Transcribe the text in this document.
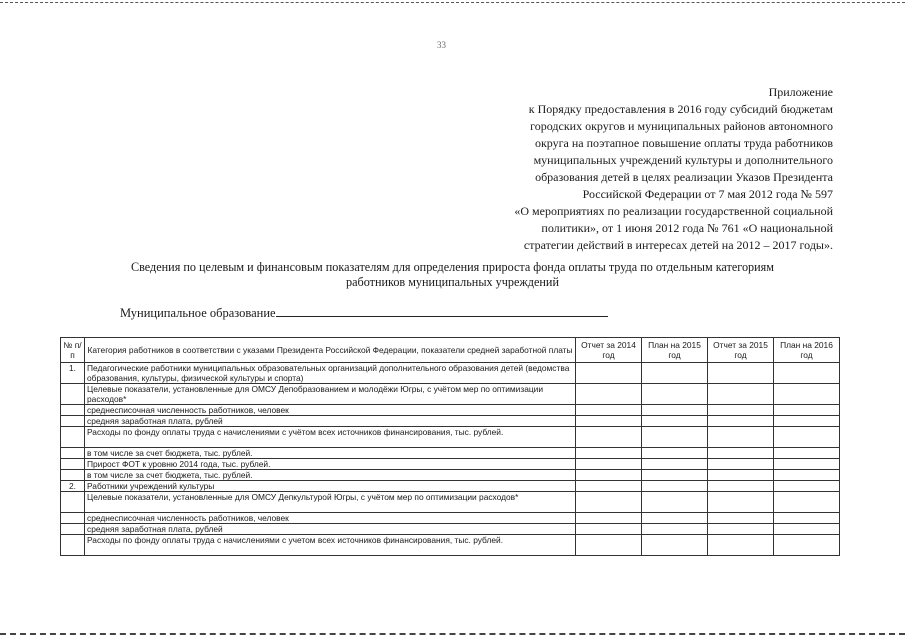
33
Приложение
к Порядку предоставления в 2016 году субсидий бюджетам
городских округов и муниципальных районов автономного
округа на поэтапное повышение оплаты труда работников
муниципальных учреждений культуры и дополнительного
образования детей в целях реализации Указов Президента
Российской Федерации от 7 мая 2012 года № 597
«О мероприятиях по реализации государственной социальной
политики», от 1 июня 2012 года № 761 «О национальной
стратегии действий в интересах детей на 2012 – 2017 годы».
Сведения по целевым и финансовым показателям для определения прироста фонда оплаты труда по отдельным категориям
работников муниципальных учреждений
Муниципальное образование
№ п/п	Категория работников в соответствии с указами Президента Российской Федерации, показатели средней заработной платы	Отчет за 2014 год	План на 2015 год	Отчет за 2015 год	План на 2016 год
1.	Педагогические работники муниципальных образовательных организаций дополнительного образования детей (ведомства образования, культуры, физической культуры и спорта)				
	Целевые показатели, установленные для ОМСУ Депобразованием и молодёжи Югры, с учётом мер по оптимизации расходов*				
	среднесписочная численность работников, человек				
	средняя заработная плата, рублей				
	Расходы по фонду оплаты труда с начислениями с учётом всех источников финансирования, тыс. рублей.				
	в том числе за счет бюджета, тыс. рублей.				
	Прирост ФОТ к уровню 2014 года, тыс. рублей.				
	в том числе за счет бюджета, тыс. рублей.				
2.	Работники учреждений культуры				
	Целевые показатели, установленные для ОМСУ Депкультурой Югры, с учётом мер по оптимизации расходов*				
	среднесписочная численность работников, человек				
	средняя заработная плата, рублей				
	Расходы по фонду оплаты труда с начислениями с учетом всех источников финансирования, тыс. рублей.				
